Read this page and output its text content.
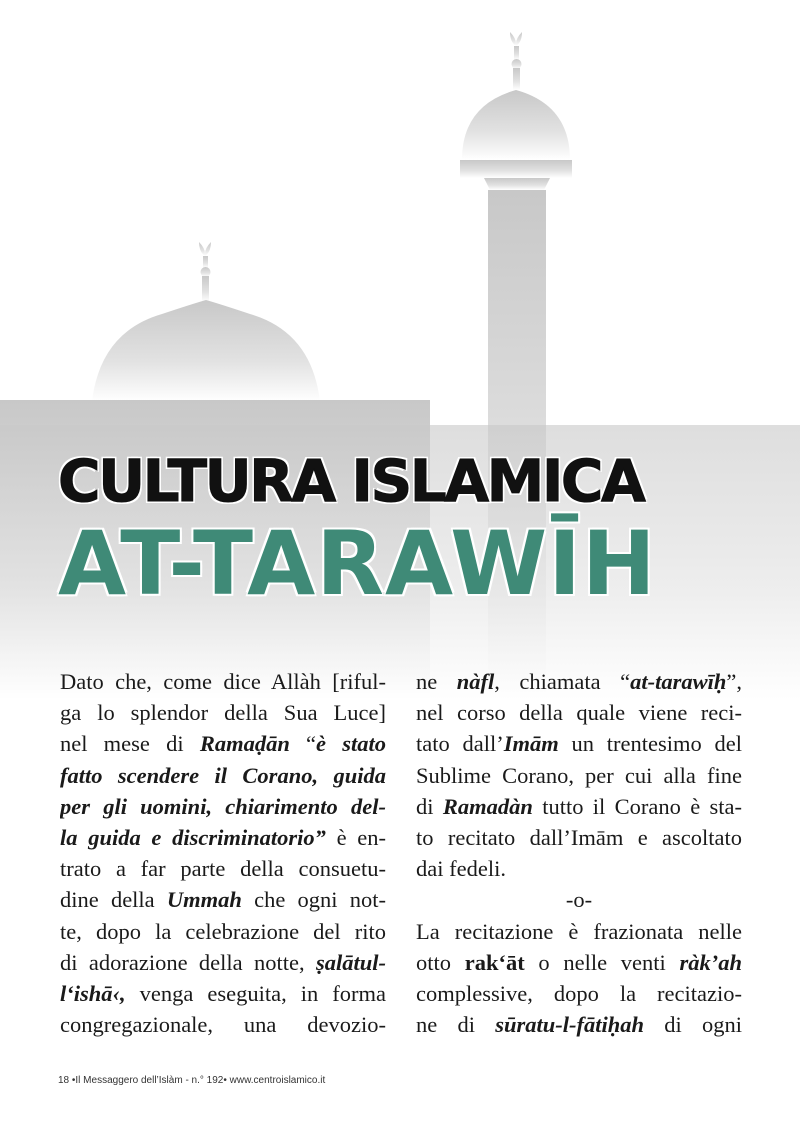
CULTURA ISLAMICA
AT-TARAWĪH
Dato che, come dice Allàh [riful-
ga lo splendor della Sua Luce]
nel mese di Ramaḍān “è stato
fatto scendere il Corano, guida
per gli uomini, chiarimento del-
la guida e discriminatorio” è en-
trato a far parte della consuetu-
dine della Ummah che ogni not-
te, dopo la celebrazione del rito
di adorazione della notte, ṣalātul-
l‘ishā‹, venga eseguita, in forma
congregazionale, una devozio-
ne nàfl, chiamata “at-tarawīḥ”,
nel corso della quale viene reci-
tato dall’Imām un trentesimo del
Sublime Corano, per cui alla fine
di Ramadàn tutto il Corano è sta-
to recitato dall’Imām e ascoltato
dai fedeli.
-o-
La recitazione è frazionata nelle
otto rak‘āt o nelle venti ràk’ah
complessive, dopo la recitazio-
ne di sūratu-l-fātiḥah di ogni
18 •Il Messaggero dell’Islàm - n.° 192• www.centroislamico.it
